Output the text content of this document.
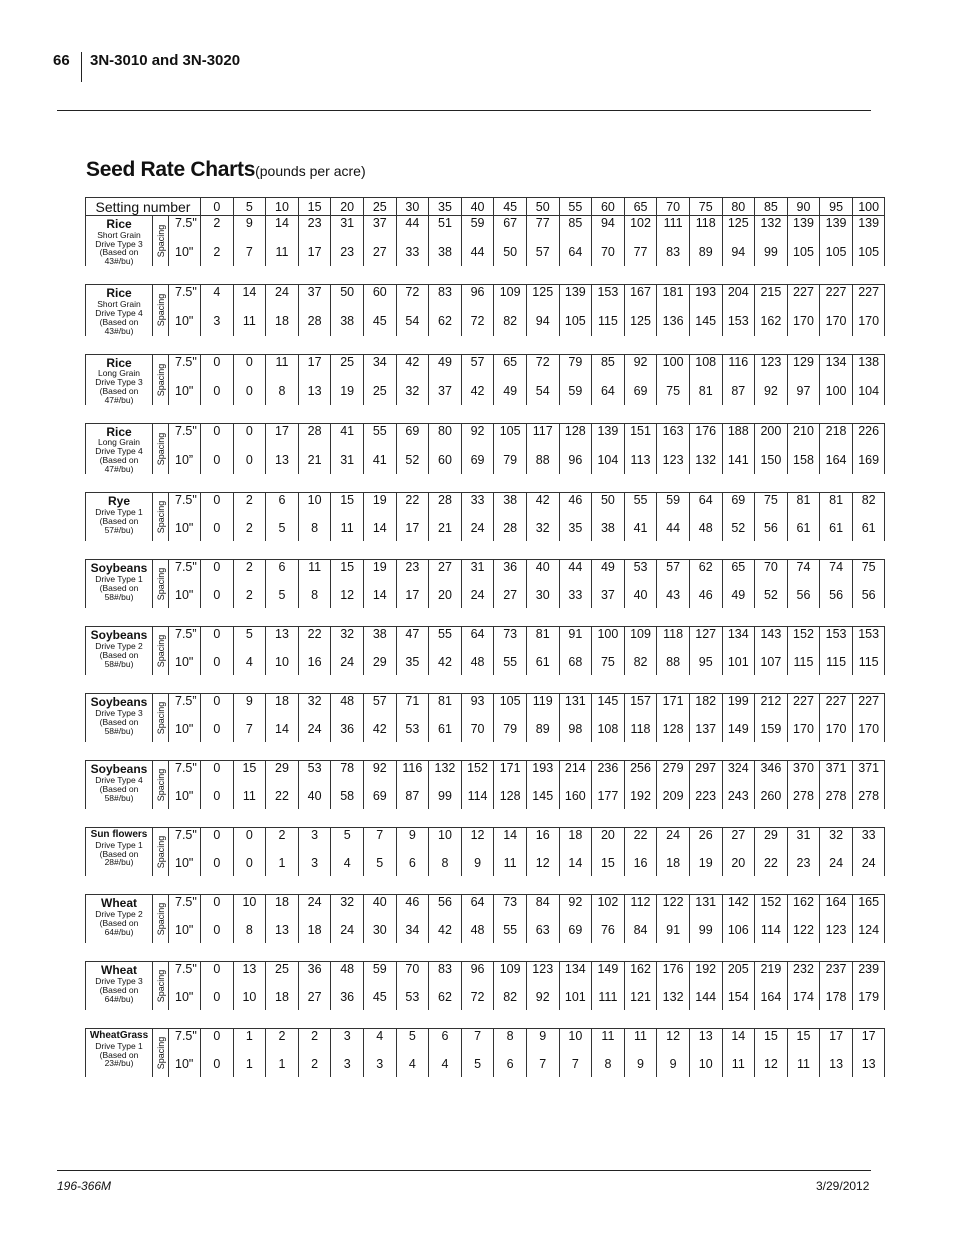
66 3N-3010 and 3N-3020
Seed Rate Charts(pounds per acre)
Setting number			0	5	10	15	20	25	30	35	40	45	50	55	60	65	70	75	80	85	90	95	100

Rice
Short Grain
Drive Type 3
(Based on
43#/bu)	Spacing	7.5"	2	9	14	23	31	37	44	51	59	67	77	85	94	102	111	118	125	132	139	139	139
		10"	2	7	11	17	23	27	33	38	44	50	57	64	70	77	83	89	94	99	105	105	105

Rice
Short Grain
Drive Type 4
(Based on
43#/bu)	Spacing	7.5"	4	14	24	37	50	60	72	83	96	109	125	139	153	167	181	193	204	215	227	227	227
		10"	3	11	18	28	38	45	54	62	72	82	94	105	115	125	136	145	153	162	170	170	170

Rice
Long Grain
Drive Type 3
(Based on
47#/bu)	Spacing	7.5"	0	0	11	17	25	34	42	49	57	65	72	79	85	92	100	108	116	123	129	134	138
		10"	0	0	8	13	19	25	32	37	42	49	54	59	64	69	75	81	87	92	97	100	104

Rice
Long Grain
Drive Type 4
(Based on
47#/bu)	Spacing	7.5"	0	0	17	28	41	55	69	80	92	105	117	128	139	151	163	176	188	200	210	218	226
		10”	0	0	13	21	31	41	52	60	69	79	88	96	104	113	123	132	141	150	158	164	169

Rye
Drive Type 1
(Based on
57#/bu)	Spacing	7.5"	0	2	6	10	15	19	22	28	33	38	42	46	50	55	59	64	69	75	81	81	82
		10"	0	2	5	8	11	14	17	21	24	28	32	35	38	41	44	48	52	56	61	61	61

Soybeans
Drive Type 1
(Based on
58#/bu)	Spacing	7.5"	0	2	6	11	15	19	23	27	31	36	40	44	49	53	57	62	65	70	74	74	75
		10"	0	2	5	8	12	14	17	20	24	27	30	33	37	40	43	46	49	52	56	56	56

Soybeans
Drive Type 2
(Based on
58#/bu)	Spacing	7.5”	0	5	13	22	32	38	47	55	64	73	81	91	100	109	118	127	134	143	152	153	153
		10"	0	4	10	16	24	29	35	42	48	55	61	68	75	82	88	95	101	107	115	115	115

Soybeans
Drive Type 3
(Based on
58#/bu)	Spacing	7.5”	0	9	18	32	48	57	71	81	93	105	119	131	145	157	171	182	199	212	227	227	227
		10"	0	7	14	24	36	42	53	61	70	79	89	98	108	118	128	137	149	159	170	170	170

Soybeans
Drive Type 4
(Based on
58#/bu)	Spacing	7.5"	0	15	29	53	78	92	116	132	152	171	193	214	236	256	279	297	324	346	370	371	371
		10"	0	11	22	40	58	69	87	99	114	128	145	160	177	192	209	223	243	260	278	278	278

Sun flowers
Drive Type 1
(Based on
28#/bu)	Spacing	7.5"	0	0	2	3	5	7	9	10	12	14	16	18	20	22	24	26	27	29	31	32	33
		10"	0	0	1	3	4	5	6	8	9	11	12	14	15	16	18	19	20	22	23	24	24

Wheat
Drive Type 2
(Based on
64#/bu)	Spacing	7.5"	0	10	18	24	32	40	46	56	64	73	84	92	102	112	122	131	142	152	162	164	165
		10"	0	8	13	18	24	30	34	42	48	55	63	69	76	84	91	99	106	114	122	123	124

Wheat
Drive Type 3
(Based on
64#/bu)	Spacing	7.5"	0	13	25	36	48	59	70	83	96	109	123	134	149	162	176	192	205	219	232	237	239
		10"	0	10	18	27	36	45	53	62	72	82	92	101	111	121	132	144	154	164	174	178	179

WheatGrass
Drive Type 1
(Based on
23#/bu)	Spacing	7.5"	0	1	2	2	3	4	5	6	7	8	9	10	11	11	12	13	14	15	15	17	17
		10"	0	1	1	2	3	3	4	4	5	6	7	7	8	9	9	10	11	12	11	13	13
196-366M	3/29/2012
